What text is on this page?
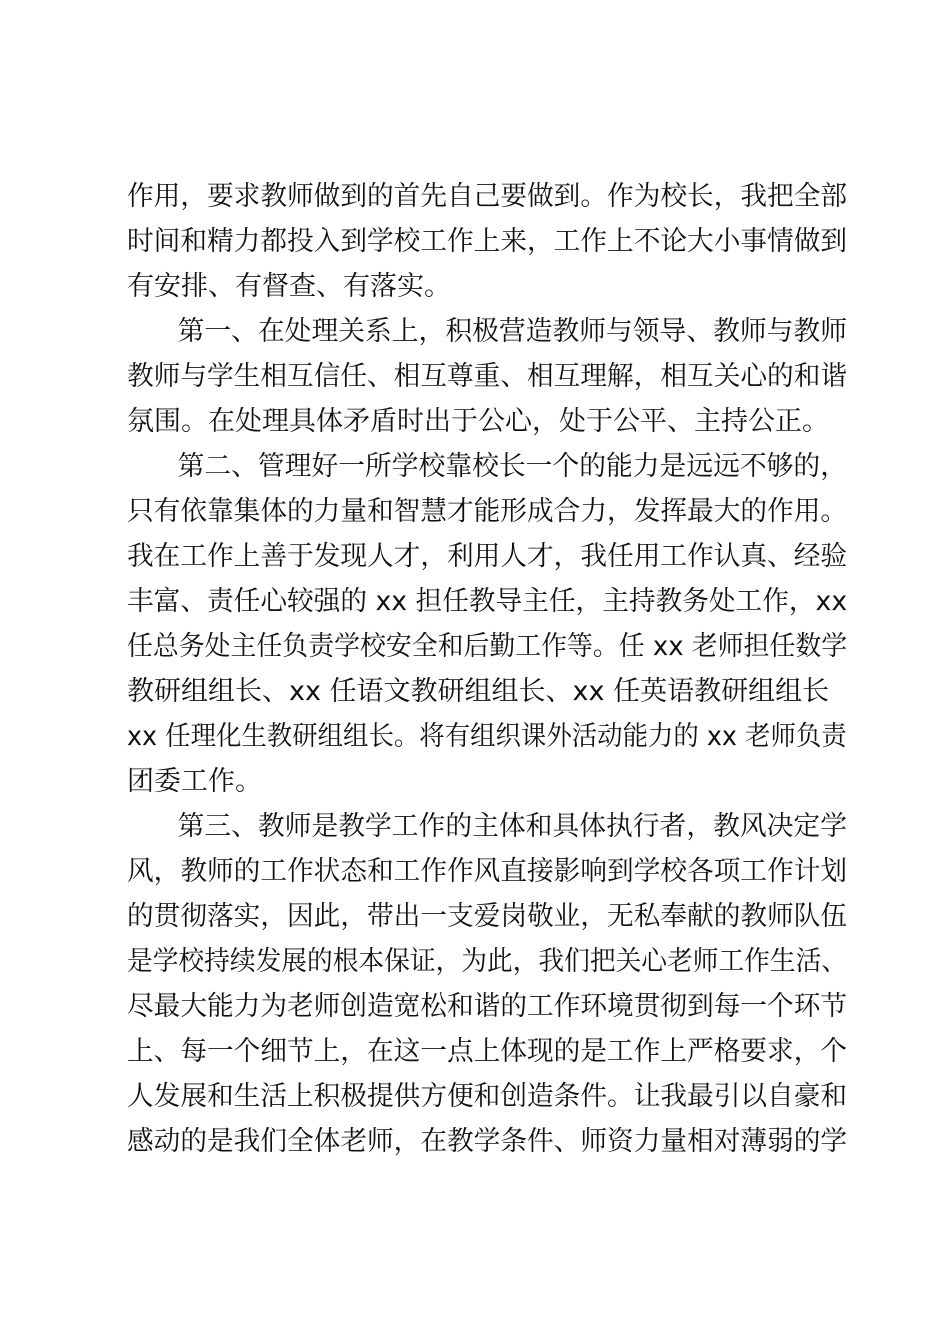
作用，要求教师做到的首先自己要做到。作为校长，我把全部
时间和精力都投入到学校工作上来，工作上不论大小事情做到
有安排、有督查、有落实。
第一、在处理关系上，积极营造教师与领导、教师与教师
教师与学生相互信任、相互尊重、相互理解，相互关心的和谐
氛围。在处理具体矛盾时出于公心，处于公平、主持公正。
第二、管理好一所学校靠校长一个的能力是远远不够的，
只有依靠集体的力量和智慧才能形成合力，发挥最大的作用。
我在工作上善于发现人才，利用人才，我任用工作认真、经验
丰富、责任心较强的 xx 担任教导主任，主持教务处工作，xx
任总务处主任负责学校安全和后勤工作等。任 xx 老师担任数学
教研组组长、xx 任语文教研组组长、xx 任英语教研组组长
xx 任理化生教研组组长。将有组织课外活动能力的 xx 老师负责
团委工作。
第三、教师是教学工作的主体和具体执行者，教风决定学
风，教师的工作状态和工作作风直接影响到学校各项工作计划
的贯彻落实，因此，带出一支爱岗敬业，无私奉献的教师队伍
是学校持续发展的根本保证，为此，我们把关心老师工作生活、
尽最大能力为老师创造宽松和谐的工作环境贯彻到每一个环节
上、每一个细节上，在这一点上体现的是工作上严格要求，个
人发展和生活上积极提供方便和创造条件。让我最引以自豪和
感动的是我们全体老师，在教学条件、师资力量相对薄弱的学
